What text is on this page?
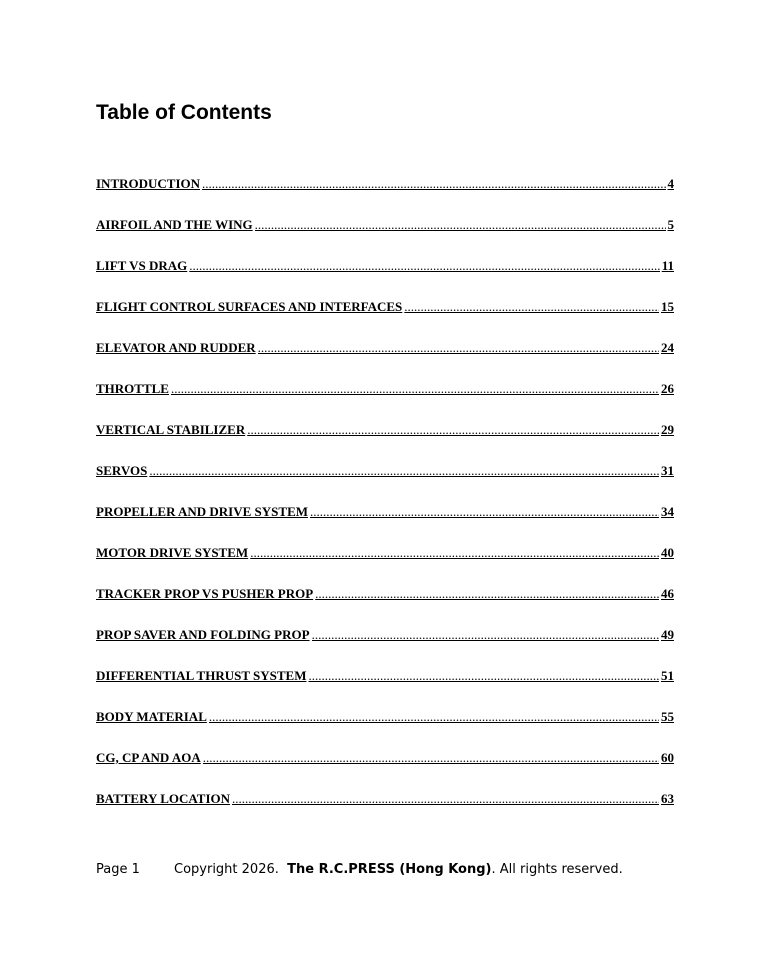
Table of Contents
INTRODUCTION .....	4
AIRFOIL AND THE WING .....	5
LIFT VS DRAG .....	11
FLIGHT CONTROL SURFACES AND INTERFACES .....	15
ELEVATOR AND RUDDER .....	24
THROTTLE .....	26
VERTICAL STABILIZER .....	29
SERVOS .....	31
PROPELLER AND DRIVE SYSTEM .....	34
MOTOR DRIVE SYSTEM .....	40
TRACKER PROP VS PUSHER PROP .....	46
PROP SAVER AND FOLDING PROP .....	49
DIFFERENTIAL THRUST SYSTEM .....	51
BODY MATERIAL .....	55
CG, CP AND AOA .....	60
BATTERY LOCATION .....	63
Page 1	Copyright 2026. The R.C.PRESS (Hong Kong). All rights reserved.
